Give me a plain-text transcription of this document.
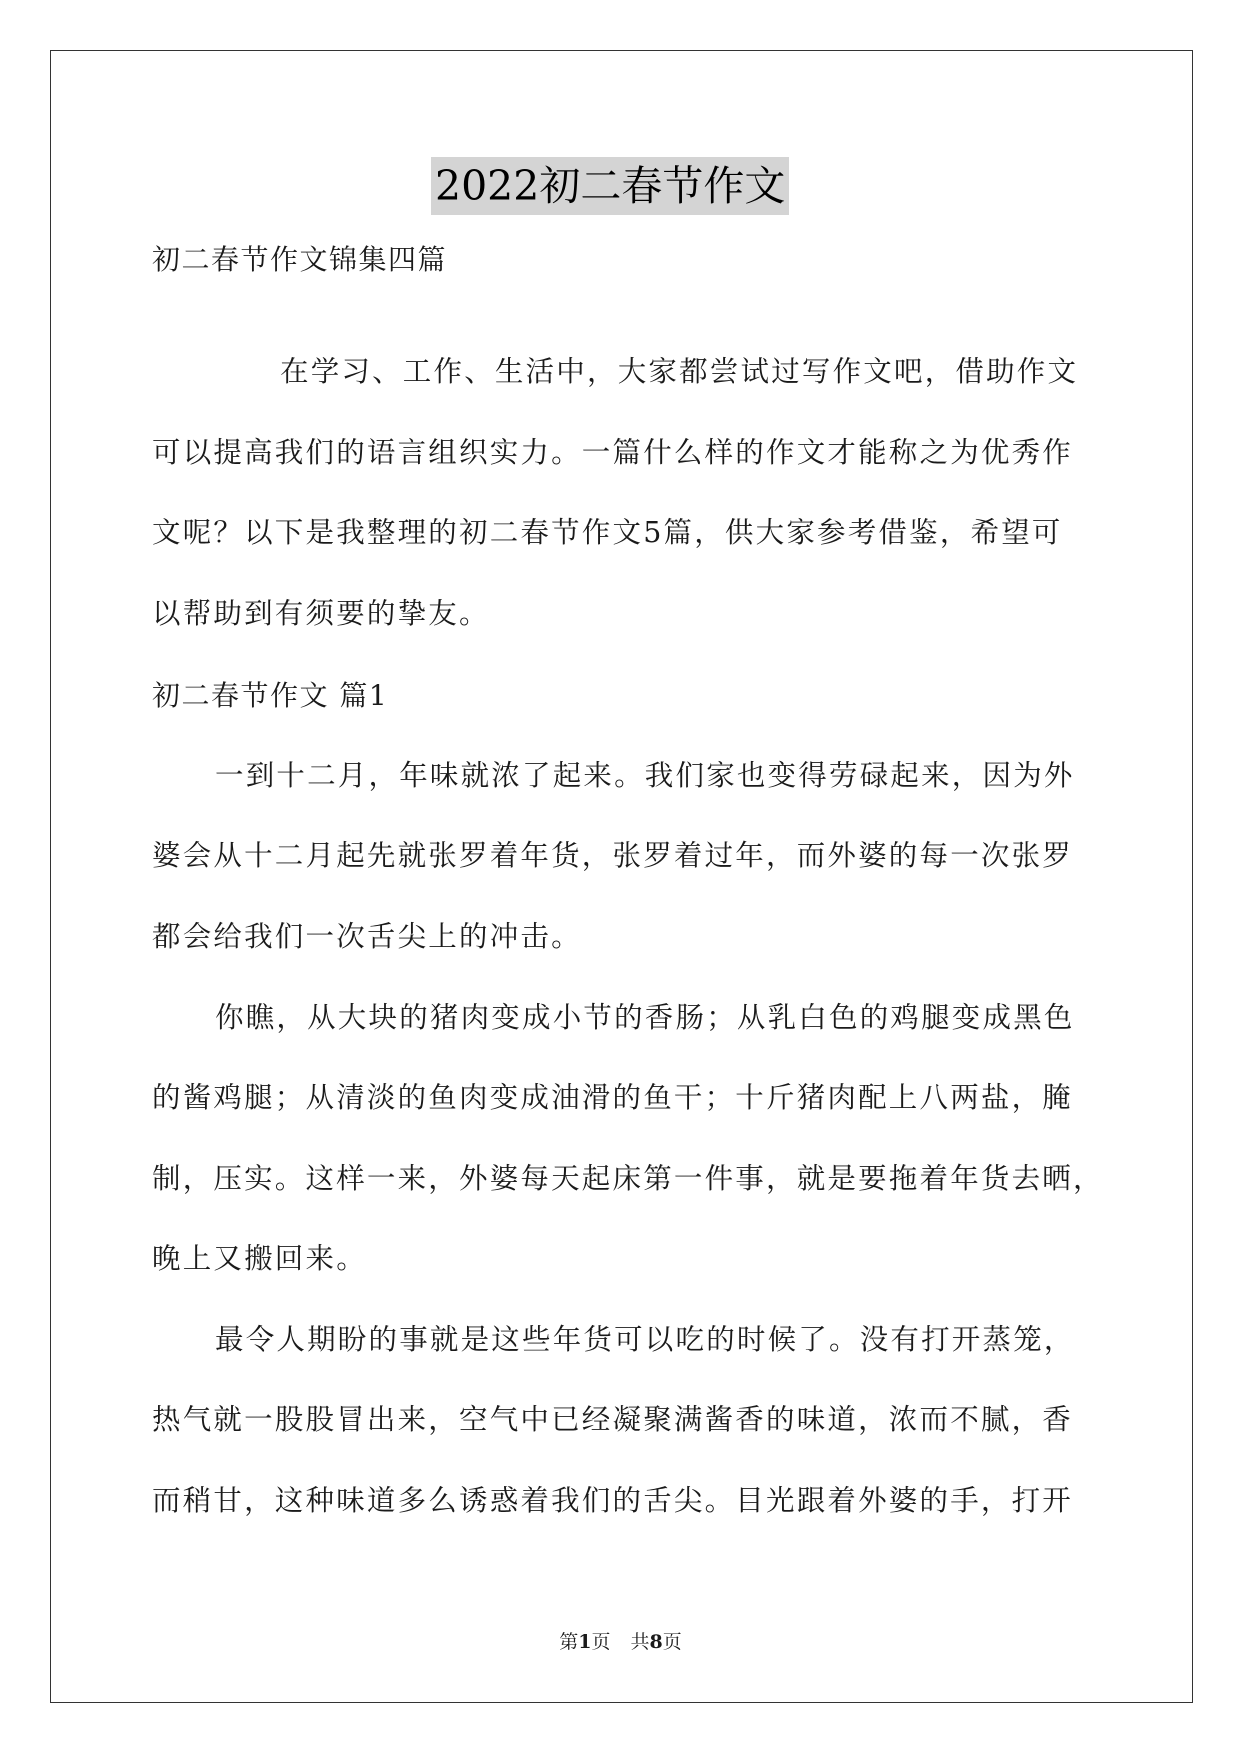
2022初二春节作文
初二春节作文锦集四篇
在学习、工作、生活中，大家都尝试过写作文吧，借助作文
可以提高我们的语言组织实力。一篇什么样的作文才能称之为优秀作
文呢？以下是我整理的初二春节作文5篇，供大家参考借鉴，希望可
以帮助到有须要的挚友。
初二春节作文 篇1
一到十二月，年味就浓了起来。我们家也变得劳碌起来，因为外
婆会从十二月起先就张罗着年货，张罗着过年，而外婆的每一次张罗
都会给我们一次舌尖上的冲击。
你瞧，从大块的猪肉变成小节的香肠；从乳白色的鸡腿变成黑色
的酱鸡腿；从清淡的鱼肉变成油滑的鱼干；十斤猪肉配上八两盐，腌
制，压实。这样一来，外婆每天起床第一件事，就是要拖着年货去晒，
晚上又搬回来。
最令人期盼的事就是这些年货可以吃的时候了。没有打开蒸笼，
热气就一股股冒出来，空气中已经凝聚满酱香的味道，浓而不腻，香
而稍甘，这种味道多么诱惑着我们的舌尖。目光跟着外婆的手，打开
第1页 共8页
